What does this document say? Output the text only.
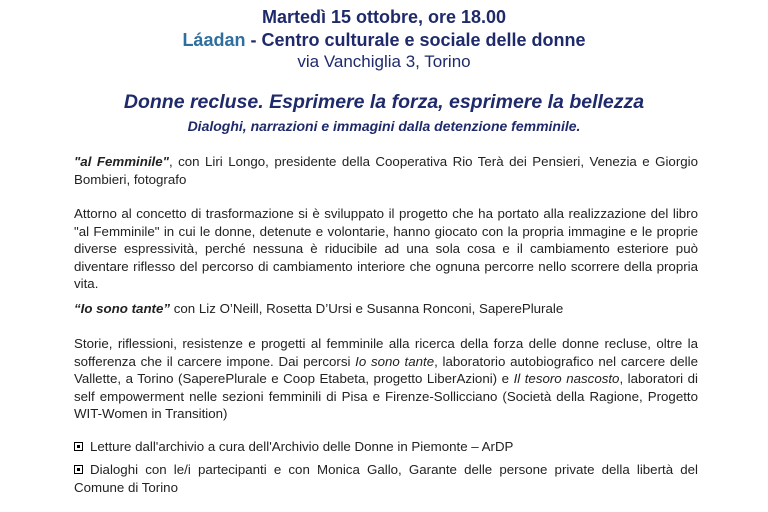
Martedì 15 ottobre, ore 18.00
Láadan - Centro culturale e sociale delle donne
via Vanchiglia 3, Torino
Donne recluse. Esprimere la forza, esprimere la bellezza
Dialoghi, narrazioni e immagini dalla detenzione femminile.

"al Femminile", con Liri Longo, presidente della Cooperativa Rio Terà dei Pensieri, Venezia e Giorgio Bombieri, fotografo

Attorno al concetto di trasformazione si è sviluppato il progetto che ha portato alla realizzazione del libro "al Femminile" in cui le donne, detenute e volontarie, hanno giocato con la propria immagine e le proprie diverse espressività, perché nessuna è riducibile ad una sola cosa e il cambiamento esteriore può diventare riflesso del percorso di cambiamento interiore che ognuna percorre nello scorrere della propria vita.

“Io sono tante” con Liz O’Neill, Rosetta D’Ursi e Susanna Ronconi, SaperePlurale

Storie, riflessioni, resistenze e progetti al femminile alla ricerca della forza delle donne recluse, oltre la sofferenza che il carcere impone. Dai percorsi Io sono tante, laboratorio autobiografico nel carcere delle Vallette, a Torino (SaperePlurale e Coop Etabeta, progetto LiberAzioni) e Il tesoro nascosto, laboratori di self empowerment nelle sezioni femminili di Pisa e Firenze-Sollicciano (Società della Ragione, Progetto WIT-Women in Transition)

Letture dall'archivio a cura dell'Archivio delle Donne in Piemonte – ArDP

Dialoghi con le/i partecipanti e con Monica Gallo, Garante delle persone private della libertà del Comune di Torino
